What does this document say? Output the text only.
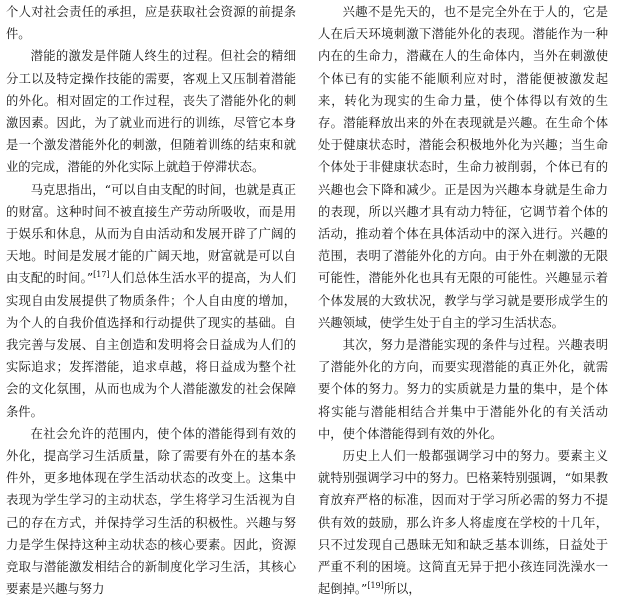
个人对社会责任的承担，应是获取社会资源的前提条件。

潜能的激发是伴随人终生的过程。但社会的精细分工以及特定操作技能的需要，客观上又压制着潜能的外化。相对固定的工作过程，丧失了潜能外化的刺激因素。因此，为了就业而进行的训练，尽管它本身是一个激发潜能外化的刺激，但随着训练的结束和就业的完成，潜能的外化实际上就趋于停滞状态。

马克思指出，“可以自由支配的时间，也就是真正的财富。这种时间不被直接生产劳动所吸收，而是用于娱乐和休息，从而为自由活动和发展开辟了广阔的天地。时间是发展才能的广阔天地，财富就是可以自由支配的时间。”[17]人们总体生活水平的提高，为人们实现自由发展提供了物质条件；个人自由度的增加，为个人的自我价值选择和行动提供了现实的基础。自我完善与发展、自主创造和发明将会日益成为人们的实际追求；发挥潜能，追求卓越，将日益成为整个社会的文化氛围，从而也成为个人潜能激发的社会保障条件。

在社会允许的范围内，使个体的潜能得到有效的外化，提高学习生活质量，除了需要有外在的基本条件外，更多地体现在学生活动状态的改变上。这集中表现为学生学习的主动状态，学生将学习生活视为自己的存在方式，并保持学习生活的积极性。兴趣与努力是学生保持这种主动状态的核心要素。因此，资源竞取与潜能激发相结合的新制度化学习生活，其核心要素是兴趣与努力

兴趣不是先天的，也不是完全外在于人的，它是人在后天环境刺激下潜能外化的表现。潜能作为一种内在的生命力，潜藏在人的生命体内，当外在刺激使个体已有的实能不能顺利应对时，潜能便被激发起来，转化为现实的生命力量，使个体得以有效的生存。潜能释放出来的外在表现就是兴趣。在生命个体处于健康状态时，潜能会积极地外化为兴趣；当生命个体处于非健康状态时，生命力被削弱，个体已有的兴趣也会下降和减少。正是因为兴趣本身就是生命力的表现，所以兴趣才具有动力特征，它调节着个体的活动，推动着个体在具体活动中的深入进行。兴趣的范围，表明了潜能外化的方向。由于外在刺激的无限可能性，潜能外化也具有无限的可能性。兴趣显示着个体发展的大致状况，教学与学习就是要形成学生的兴趣领域，使学生处于自主的学习生活状态。

其次，努力是潜能实现的条件与过程。兴趣表明了潜能外化的方向，而要实现潜能的真正外化，就需要个体的努力。努力的实质就是力量的集中，是个体将实能与潜能相结合并集中于潜能外化的有关活动中，使个体潜能得到有效的外化。

历史上人们一般都强调学习中的努力。要素主义就特别强调学习中的努力。巴格莱特别强调，“如果教育放弃严格的标准，因而对于学习所必需的努力不提供有效的鼓励，那么许多人将虚度在学校的十几年，只不过发现自己愚昧无知和缺乏基本训练，日益处于严重不利的困境。这简直无异于把小孩连同洗澡水一起倒掉。”[19]所以，
